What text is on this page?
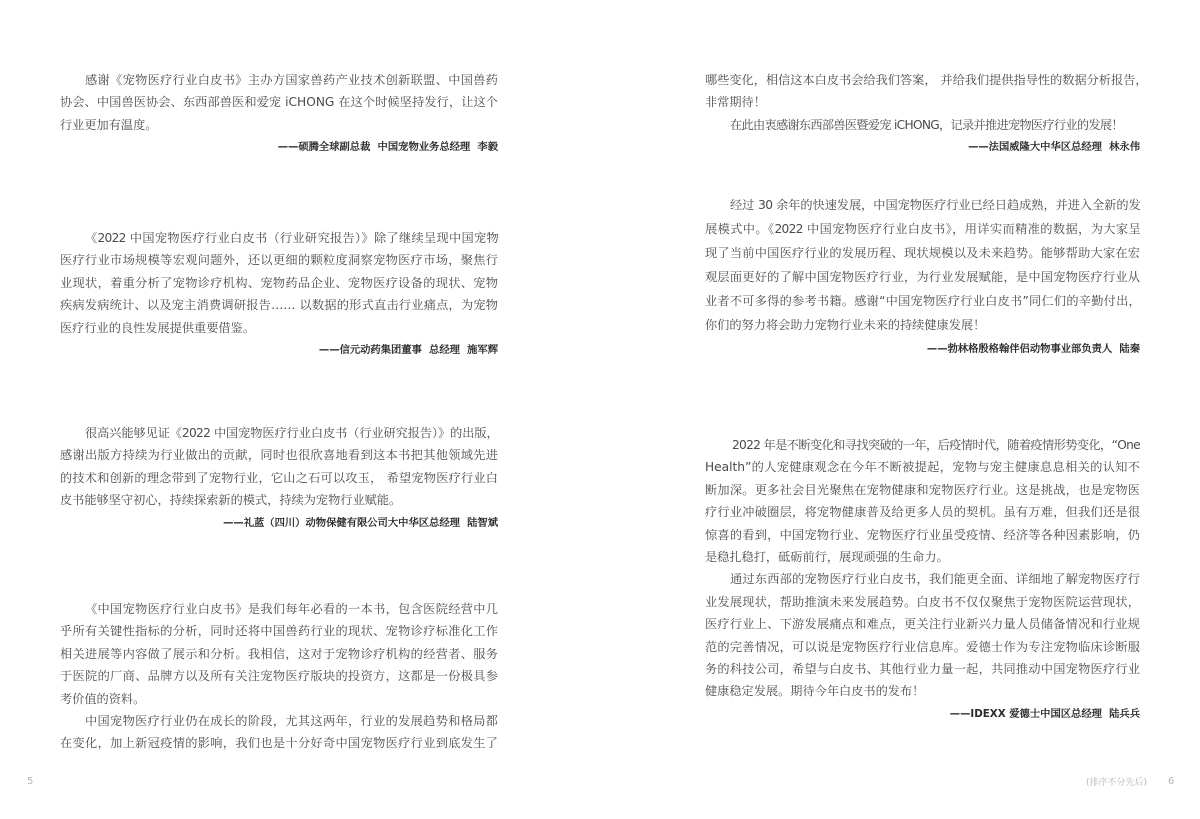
感谢《宠物医疗行业白皮书》主办方国家兽药产业技术创新联盟、中国兽药
协会、中国兽医协会、东西部兽医和爱宠 iCHONG 在这个时候坚持发行，让这个
行业更加有温度。
——硕腾全球副总裁  中国宠物业务总经理  李毅
《2022 中国宠物医疗行业白皮书（行业研究报告）》除了继续呈现中国宠物
医疗行业市场规模等宏观问题外，还以更细的颗粒度洞察宠物医疗市场，聚焦行
业现状，着重分析了宠物诊疗机构、宠物药品企业、宠物医疗设备的现状、宠物
疾病发病统计、以及宠主消费调研报告…… 以数据的形式直击行业痛点，为宠物
医疗行业的良性发展提供重要借鉴。
——信元动药集团董事  总经理  施军辉
很高兴能够见证《2022 中国宠物医疗行业白皮书（行业研究报告）》的出版，
感谢出版方持续为行业做出的贡献，同时也很欣喜地看到这本书把其他领域先进
的技术和创新的理念带到了宠物行业，它山之石可以攻玉， 希望宠物医疗行业白
皮书能够坚守初心，持续探索新的模式，持续为宠物行业赋能。
——礼蓝（四川）动物保健有限公司大中华区总经理  陆智斌
《中国宠物医疗行业白皮书》是我们每年必看的一本书，包含医院经营中几
乎所有关键性指标的分析，同时还将中国兽药行业的现状、宠物诊疗标准化工作
相关进展等内容做了展示和分析。我相信，这对于宠物诊疗机构的经营者、服务
于医院的厂商、品牌方以及所有关注宠物医疗版块的投资方，这都是一份极具参
考价值的资料。
中国宠物医疗行业仍在成长的阶段，尤其这两年，行业的发展趋势和格局都
在变化，加上新冠疫情的影响，我们也是十分好奇中国宠物医疗行业到底发生了
5
哪些变化，相信这本白皮书会给我们答案， 并给我们提供指导性的数据分析报告，
非常期待！
在此由衷感谢东西部兽医暨爱宠 iCHONG，记录并推进宠物医疗行业的发展！
——法国威隆大中华区总经理  林永伟
经过 30 余年的快速发展，中国宠物医疗行业已经日趋成熟，并进入全新的发
展模式中。《2022 中国宠物医疗行业白皮书》，用详实而精准的数据，为大家呈
现了当前中国医疗行业的发展历程、现状规模以及未来趋势。能够帮助大家在宏
观层面更好的了解中国宠物医疗行业，为行业发展赋能，是中国宠物医疗行业从
业者不可多得的参考书籍。感谢“中国宠物医疗行业白皮书”同仁们的辛勤付出，
你们的努力将会助力宠物行业未来的持续健康发展！
——勃林格殷格翰伴侣动物事业部负责人  陆秦
2022 年是不断变化和寻找突破的一年，后疫情时代，随着疫情形势变化，“One
Health”的人宠健康观念在今年不断被提起，宠物与宠主健康息息相关的认知不
断加深。更多社会目光聚焦在宠物健康和宠物医疗行业。这是挑战，也是宠物医
疗行业冲破圈层，将宠物健康普及给更多人员的契机。虽有万难，但我们还是很
惊喜的看到，中国宠物行业、宠物医疗行业虽受疫情、经济等各种因素影响，仍
是稳扎稳打，砥砺前行，展现顽强的生命力。
通过东西部的宠物医疗行业白皮书，我们能更全面、详细地了解宠物医疗行
业发展现状，帮助推演未来发展趋势。白皮书不仅仅聚焦于宠物医院运营现状，
医疗行业上、下游发展痛点和难点，更关注行业新兴力量人员储备情况和行业规
范的完善情况，可以说是宠物医疗行业信息库。爱德士作为专注宠物临床诊断服
务的科技公司，希望与白皮书、其他行业力量一起，共同推动中国宠物医疗行业
健康稳定发展。期待今年白皮书的发布！
——IDEXX 爱德士中国区总经理  陆兵兵
(排序不分先后) 6
